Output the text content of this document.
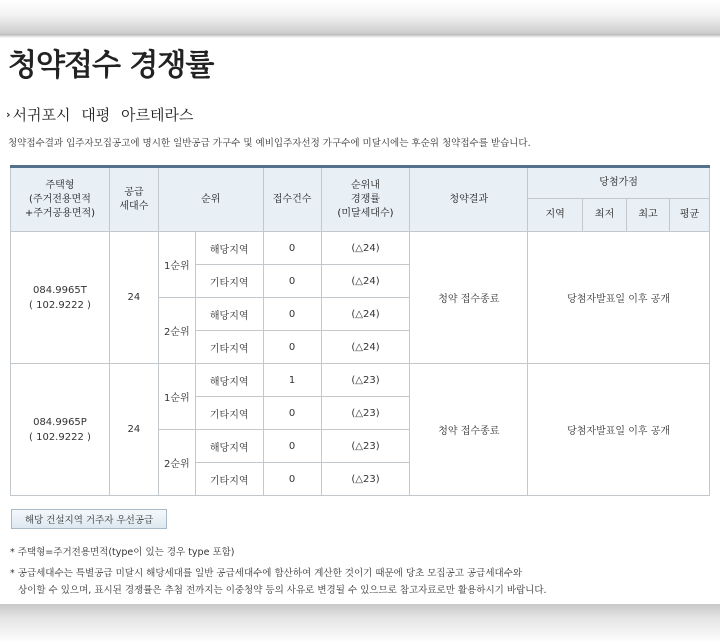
청약접수 경쟁률
› 서귀포시 대평 아르테라스

청약접수결과 입주자모집공고에 명시한 일반공급 가구수 및 예비입주자선정 가구수에 미달시에는 후순위 청약접수를 받습니다.

주택형
(주거전용면적
+주거공용면적)	공급
세대수	순위		접수건수	순위내
경쟁률
(미달세대수)	청약결과	당첨가점			
							지역	최저	최고	평균

084.9965T
( 102.9222 )	24	1순위	해당지역	0	(△24)	청약 접수종료	당첨자발표일 이후 공개			
			기타지역	0	(△24)					
		2순위	해당지역	0	(△24)					
			기타지역	0	(△24)					

084.9965P
( 102.9222 )	24	1순위	해당지역	1	(△23)	청약 접수종료	당첨자발표일 이후 공개			
			기타지역	0	(△23)					
		2순위	해당지역	0	(△23)					
			기타지역	0	(△23)					
해당 건설지역 거주자 우선공급
* 주택형=주거전용면적(type이 있는 경우 type 포함)
* 공급세대수는 특별공급 미달시 해당세대를 일반 공급세대수에 합산하여 계산한 것이기 때문에 당초 모집공고 공급세대수와
상이할 수 있으며, 표시된 경쟁률은 추첨 전까지는 이중청약 등의 사유로 변경될 수 있으므로 참고자료로만 활용하시기 바랍니다.
